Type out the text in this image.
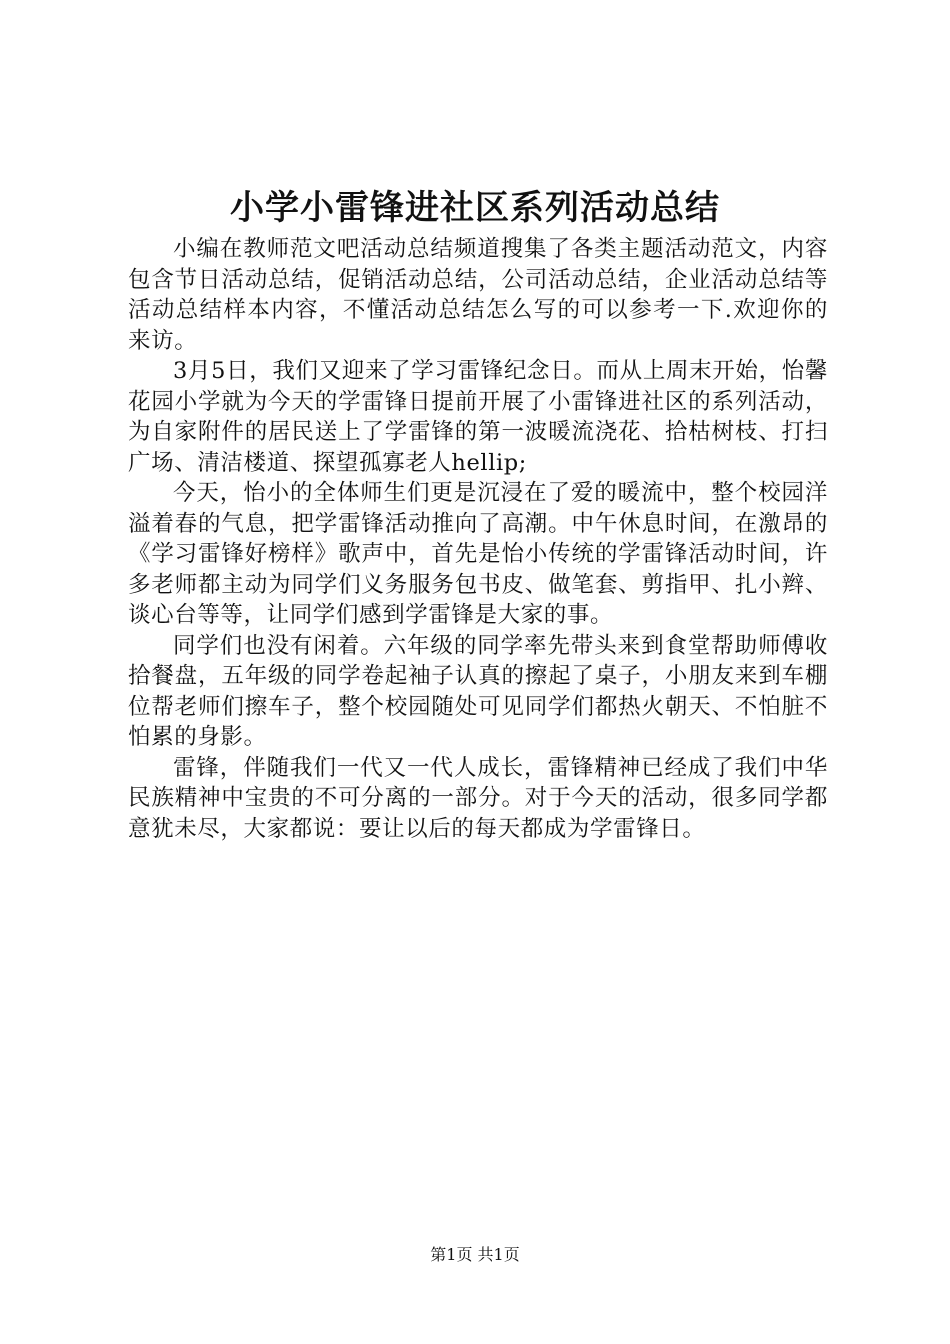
小学小雷锋进社区系列活动总结

小编在教师范文吧活动总结频道搜集了各类主题活动范文，内容包含节日活动总结，促销活动总结，公司活动总结，企业活动总结等活动总结样本内容，不懂活动总结怎么写的可以参考一下.欢迎你的来访。

3月5日，我们又迎来了学习雷锋纪念日。而从上周末开始，怡馨花园小学就为今天的学雷锋日提前开展了小雷锋进社区的系列活动，为自家附件的居民送上了学雷锋的第一波暖流浇花、拾枯树枝、打扫广场、清洁楼道、探望孤寡老人hellip;

今天，怡小的全体师生们更是沉浸在了爱的暖流中，整个校园洋溢着春的气息，把学雷锋活动推向了高潮。中午休息时间，在激昂的《学习雷锋好榜样》歌声中，首先是怡小传统的学雷锋活动时间，许多老师都主动为同学们义务服务包书皮、做笔套、剪指甲、扎小辫、谈心台等等，让同学们感到学雷锋是大家的事。

同学们也没有闲着。六年级的同学率先带头来到食堂帮助师傅收拾餐盘，五年级的同学卷起袖子认真的擦起了桌子，小朋友来到车棚位帮老师们擦车子，整个校园随处可见同学们都热火朝天、不怕脏不怕累的身影。

雷锋，伴随我们一代又一代人成长，雷锋精神已经成了我们中华民族精神中宝贵的不可分离的一部分。对于今天的活动，很多同学都意犹未尽，大家都说：要让以后的每天都成为学雷锋日。

第1页 共1页
